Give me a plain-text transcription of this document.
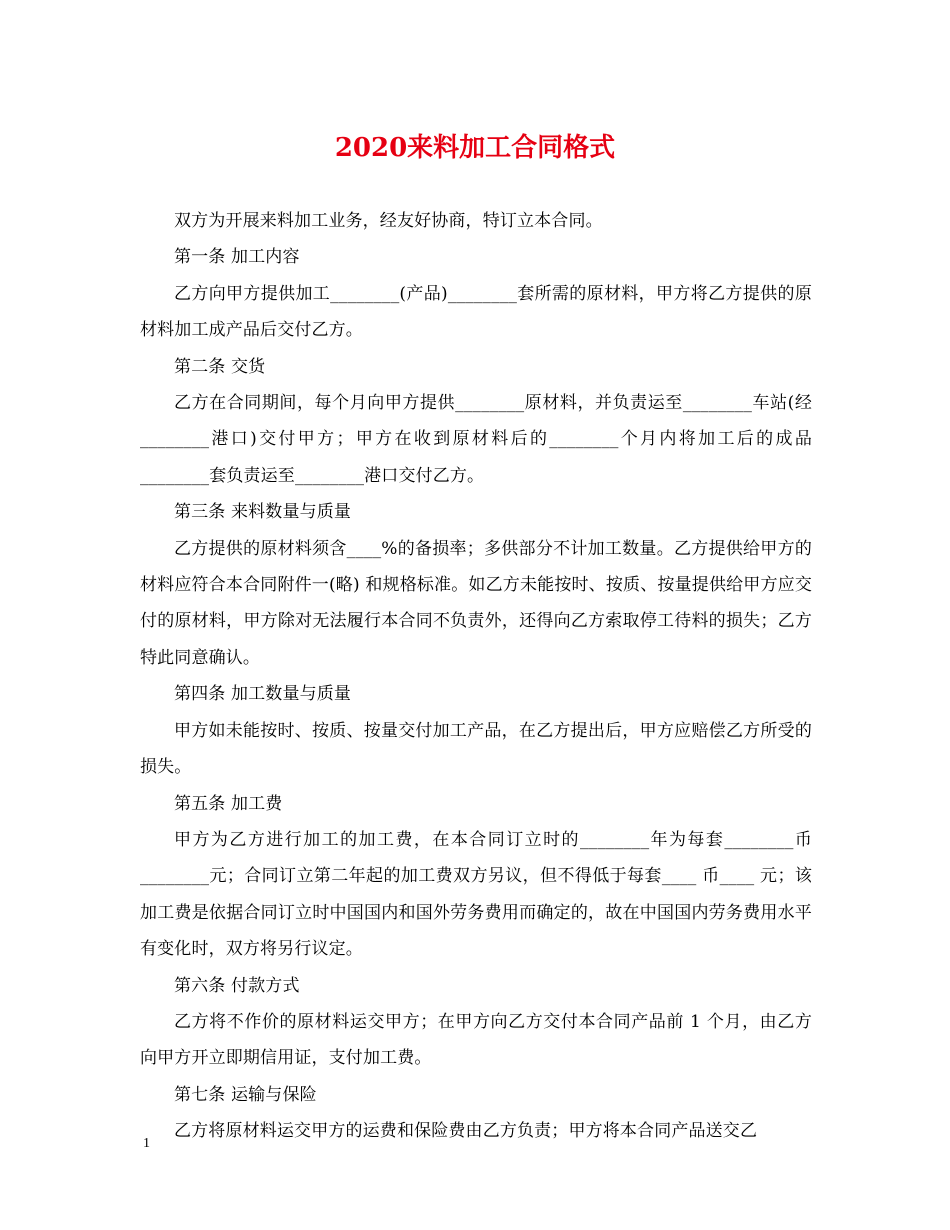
2020来料加工合同格式

双方为开展来料加工业务，经友好协商，特订立本合同。

第一条 加工内容

乙方向甲方提供加工________(产品)________套所需的原材料，甲方将乙方提供的原材料加工成产品后交付乙方。

第二条 交货

乙方在合同期间，每个月向甲方提供________原材料，并负责运至________车站(经________港口)交付甲方；甲方在收到原材料后的________个月内将加工后的成品________套负责运至________港口交付乙方。

第三条 来料数量与质量

乙方提供的原材料须含____%的备损率；多供部分不计加工数量。乙方提供给甲方的材料应符合本合同附件一(略) 和规格标准。如乙方未能按时、按质、按量提供给甲方应交付的原材料，甲方除对无法履行本合同不负责外，还得向乙方索取停工待料的损失；乙方特此同意确认。

第四条 加工数量与质量

甲方如未能按时、按质、按量交付加工产品，在乙方提出后，甲方应赔偿乙方所受的损失。

第五条 加工费

甲方为乙方进行加工的加工费，在本合同订立时的________年为每套________币________元；合同订立第二年起的加工费双方另议，但不得低于每套____ 币____ 元；该加工费是依据合同订立时中国国内和国外劳务费用而确定的，故在中国国内劳务费用水平有变化时，双方将另行议定。

第六条 付款方式

乙方将不作价的原材料运交甲方；在甲方向乙方交付本合同产品前 1 个月，由乙方向甲方开立即期信用证，支付加工费。

第七条 运输与保险

乙方将原材料运交甲方的运费和保险费由乙方负责；甲方将本合同产品送交乙

1
